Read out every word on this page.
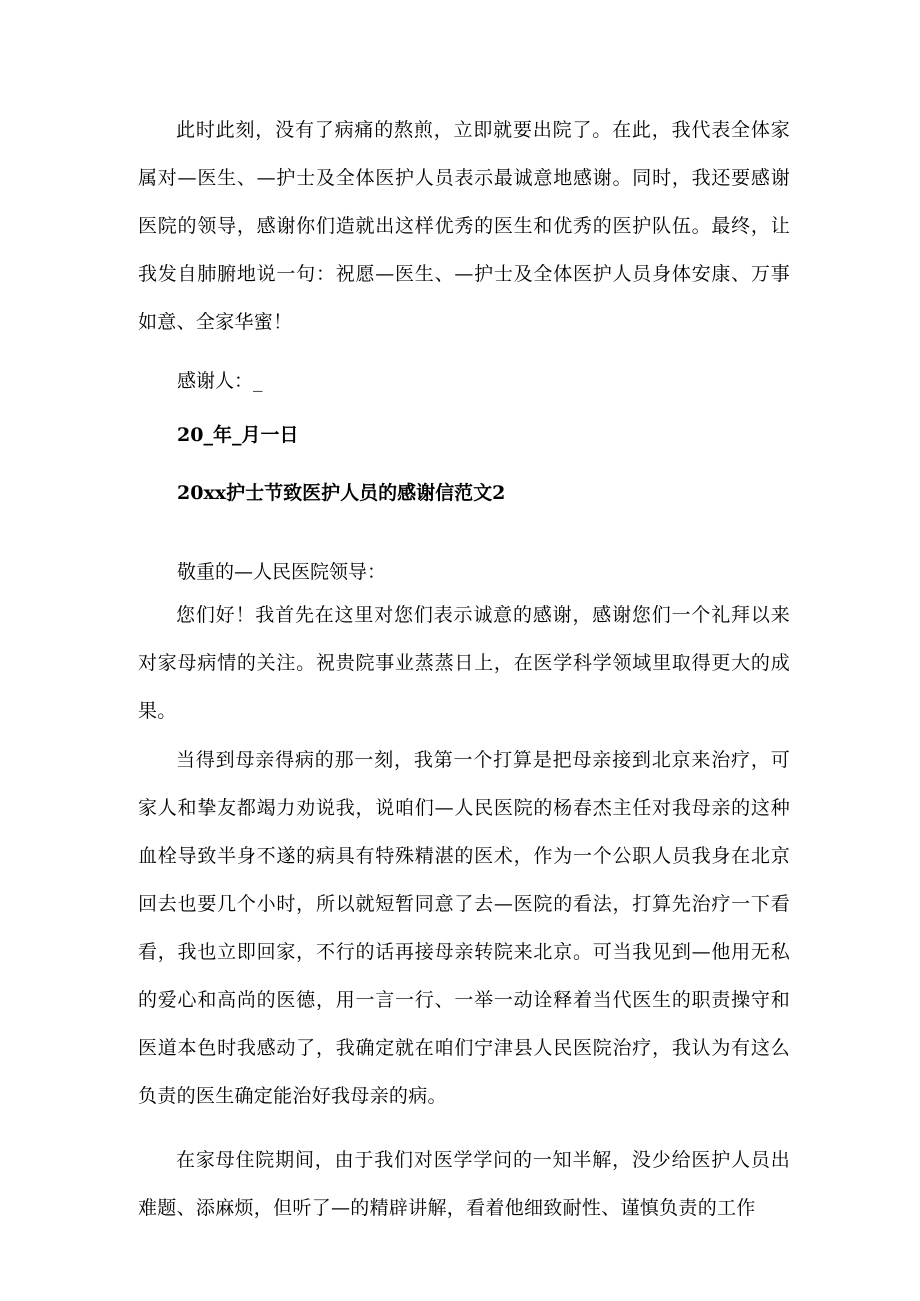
此时此刻，没有了病痛的熬煎，立即就要出院了。在此，我代表全体家属对—医生、—护士及全体医护人员表示最诚意地感谢。同时，我还要感谢医院的领导，感谢你们造就出这样优秀的医生和优秀的医护队伍。最终，让我发自肺腑地说一句：祝愿—医生、—护士及全体医护人员身体安康、万事如意、全家华蜜！

感谢人：_

20_年_月一日

20xx护士节致医护人员的感谢信范文2

敬重的—人民医院领导：

您们好！我首先在这里对您们表示诚意的感谢，感谢您们一个礼拜以来对家母病情的关注。祝贵院事业蒸蒸日上，在医学科学领域里取得更大的成果。

当得到母亲得病的那一刻，我第一个打算是把母亲接到北京来治疗，可家人和挚友都竭力劝说我，说咱们—人民医院的杨春杰主任对我母亲的这种血栓导致半身不遂的病具有特殊精湛的医术，作为一个公职人员我身在北京回去也要几个小时，所以就短暂同意了去—医院的看法，打算先治疗一下看看，我也立即回家，不行的话再接母亲转院来北京。可当我见到—他用无私的爱心和高尚的医德，用一言一行、一举一动诠释着当代医生的职责操守和医道本色时我感动了，我确定就在咱们宁津县人民医院治疗，我认为有这么负责的医生确定能治好我母亲的病。

在家母住院期间，由于我们对医学学问的一知半解，没少给医护人员出难题、添麻烦，但听了—的精辟讲解，看着他细致耐性、谨慎负责的工作
